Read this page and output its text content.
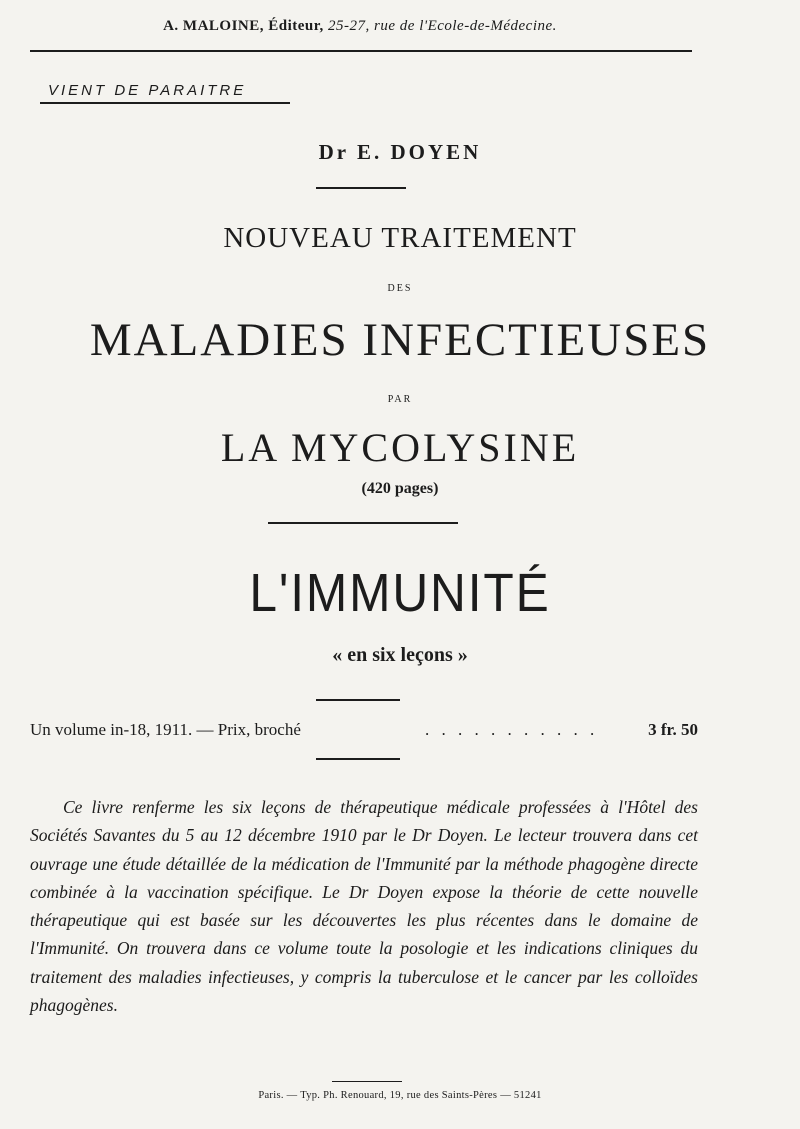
A. MALOINE, Éditeur, 25-27, rue de l'Ecole-de-Médecine.
VIENT DE PARAITRE
Dr E. DOYEN
NOUVEAU TRAITEMENT
DES
MALADIES INFECTIEUSES
PAR
LA MYCOLYSINE
(420 pages)
L'IMMUNITÉ
« en six leçons »
Un volume in-18, 1911. — Prix, broché	. . . . . . . . . . .	3 fr. 50
Ce livre renferme les six leçons de thérapeutique médicale professées à l'Hôtel des Sociétés Savantes du 5 au 12 décembre 1910 par le Dr Doyen. Le lecteur trouvera dans cet ouvrage une étude détaillée de la médication de l'Immunité par la méthode phagogène directe combinée à la vaccination spécifique. Le Dr Doyen expose la théorie de cette nouvelle thérapeutique qui est basée sur les découvertes les plus récentes dans le domaine de l'Immunité. On trouvera dans ce volume toute la posologie et les indications cliniques du traitement des maladies infectieuses, y compris la tuberculose et le cancer par les colloïdes phagogènes.
Paris. — Typ. Ph. Renouard, 19, rue des Saints-Pères — 51241
